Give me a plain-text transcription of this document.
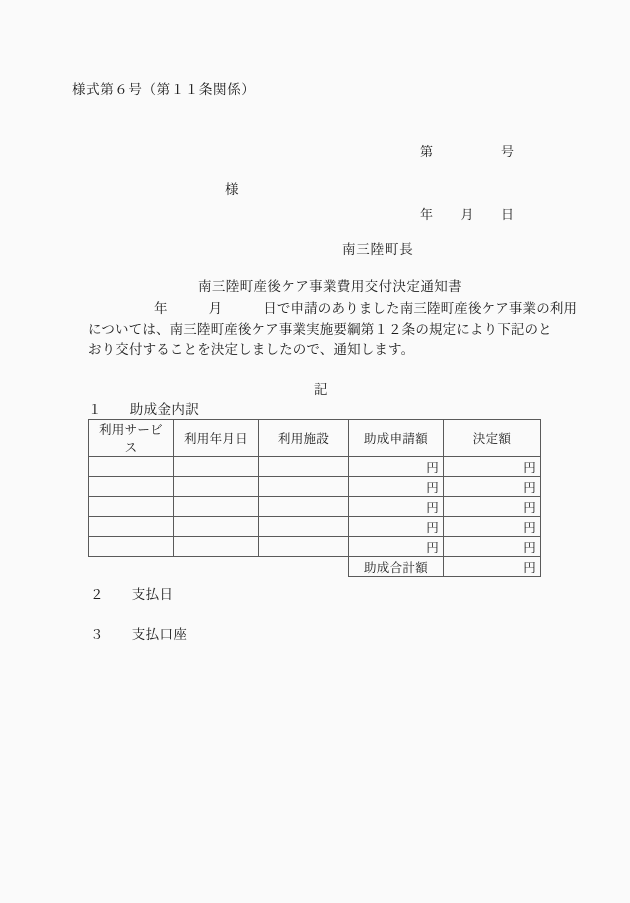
様式第６号（第１１条関係）

第　　　　　号

年　　月　　日

様
南三陸町長
南三陸町産後ケア事業費用交付決定通知書
年　　　月　　　日で申請のありました南三陸町産後ケア事業の利用
については、南三陸町産後ケア事業実施要綱第１２条の規定により下記のと
おり交付することを決定しましたので、通知します。
記
１　　助成金内訳
利用サービス	利用年月日	利用施設	助成申請額	決定額
			円	円
			円	円
			円	円
			円	円
			円	円
			助成合計額	円
２　　支払日
３　　支払口座
